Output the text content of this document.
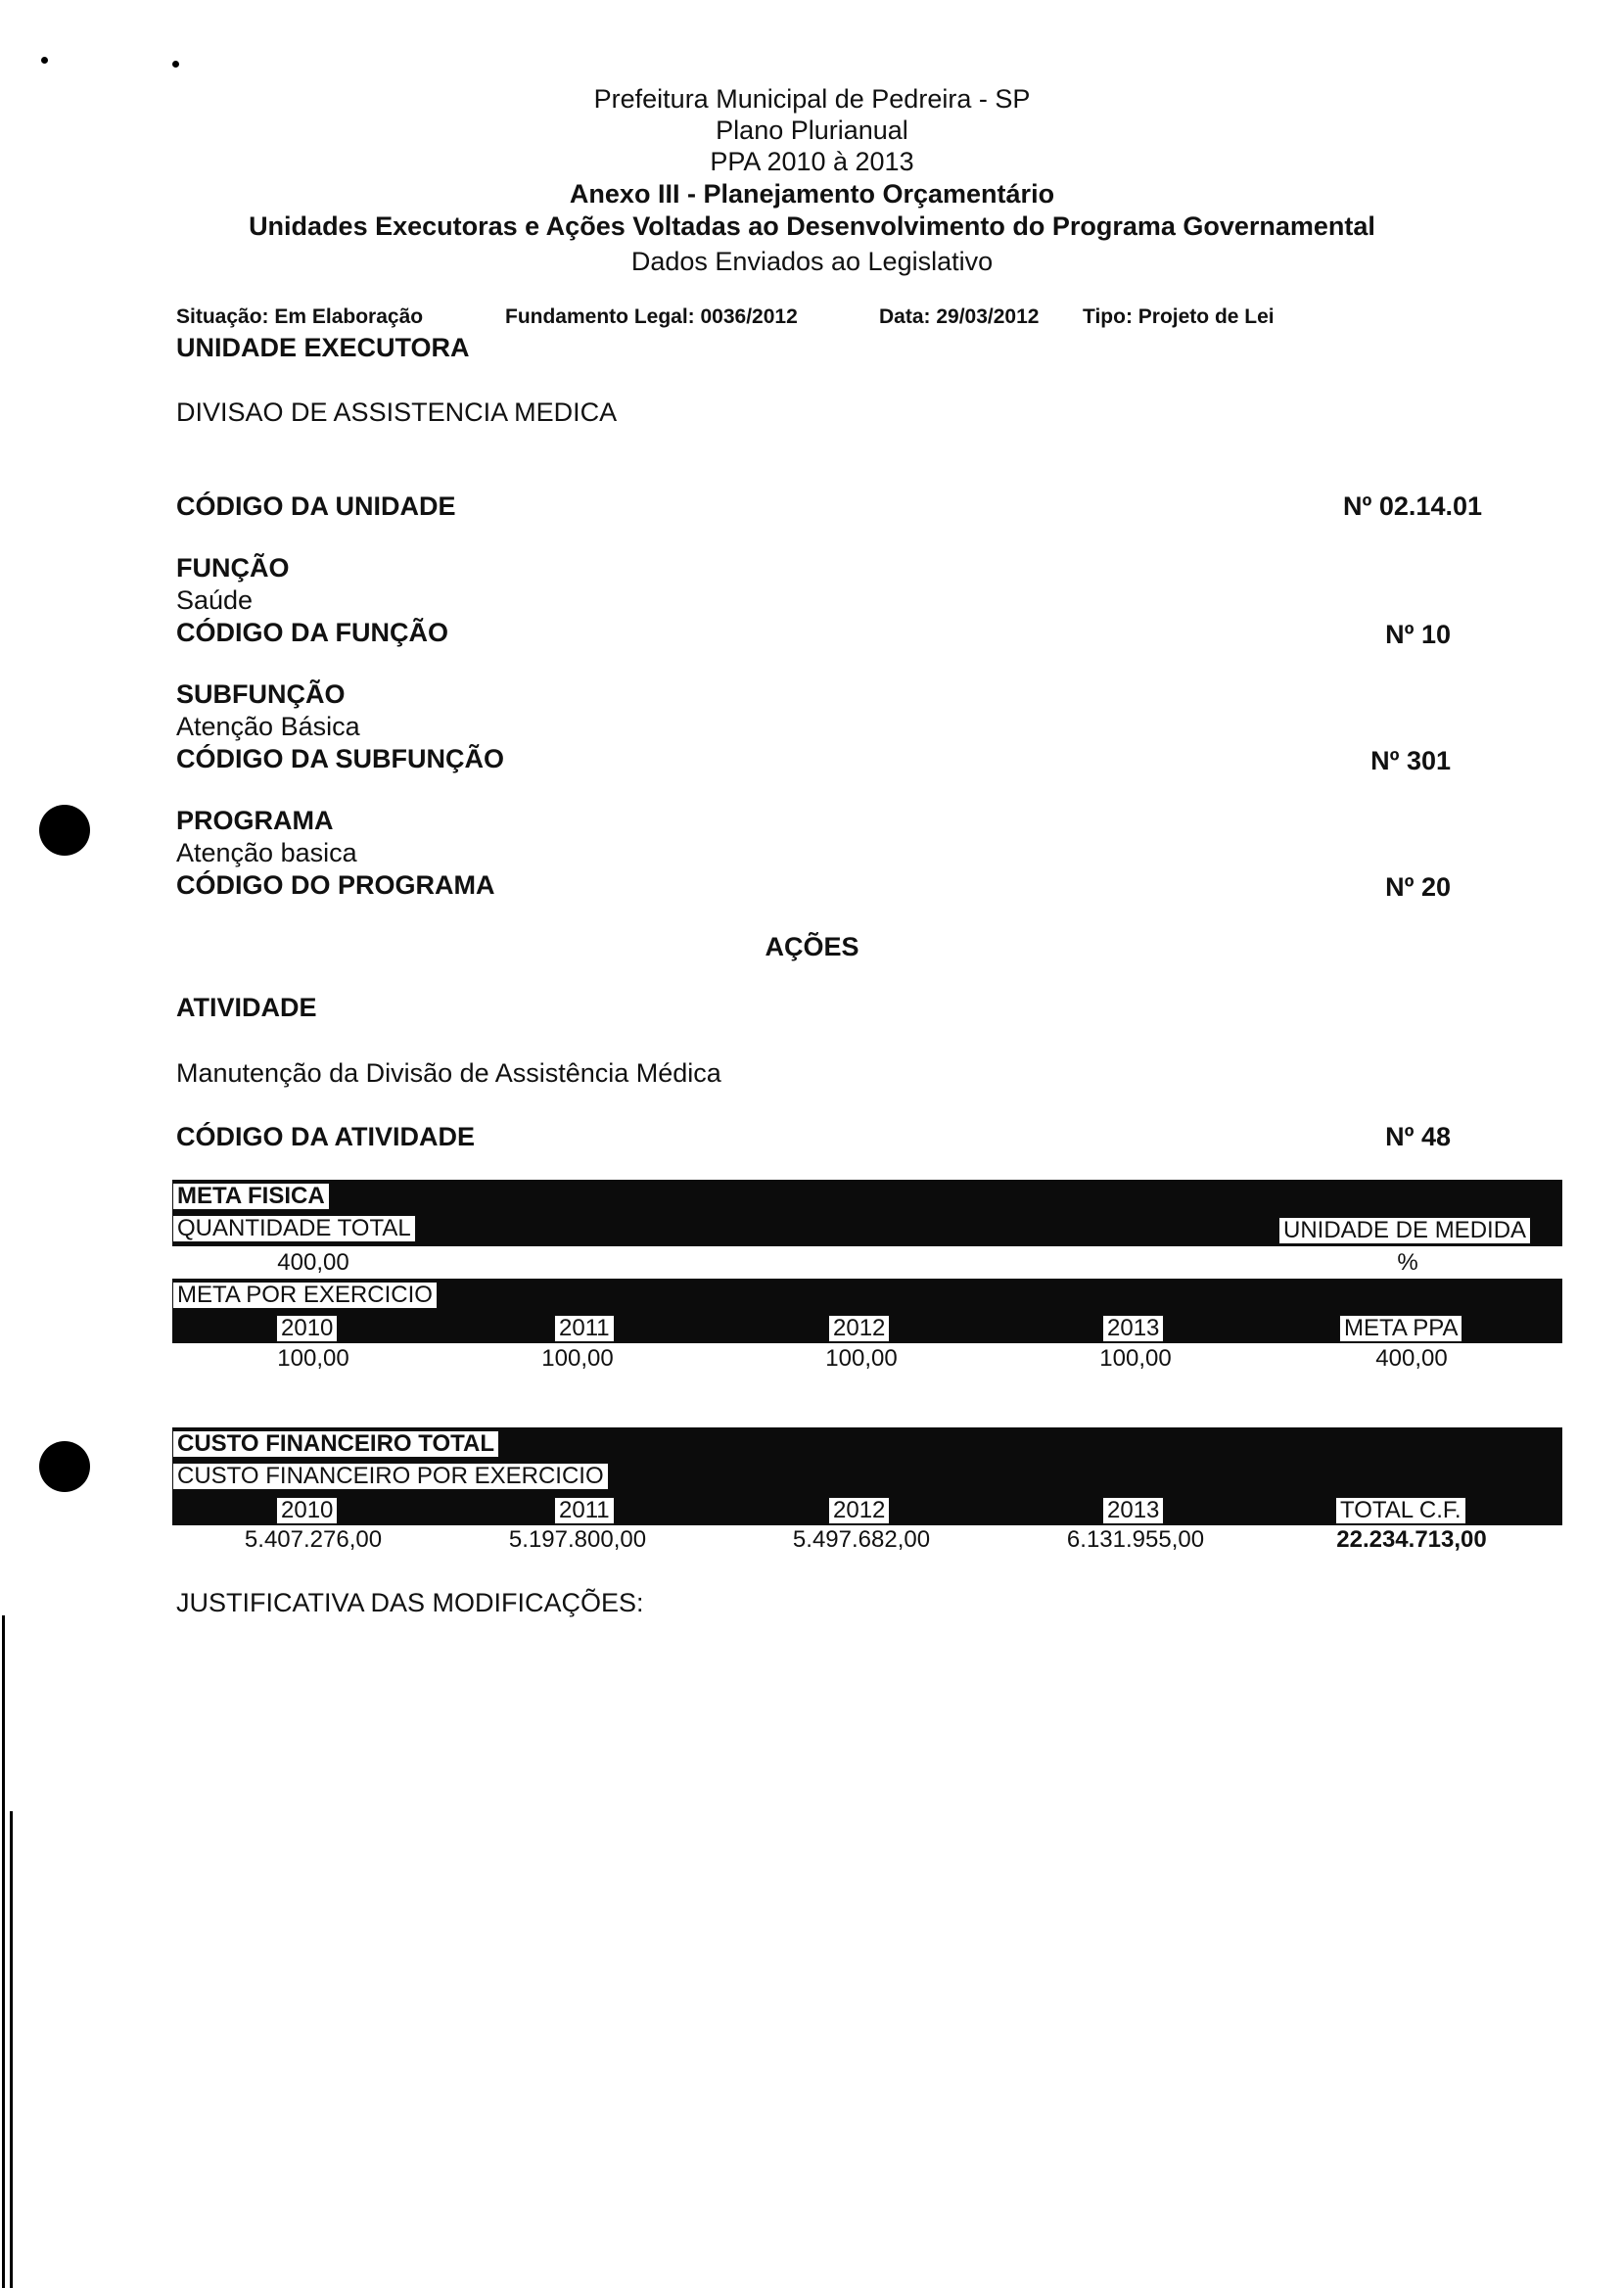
Prefeitura Municipal de Pedreira - SP
Plano Plurianual
PPA 2010 à 2013
Anexo III - Planejamento Orçamentário
Unidades Executoras e Ações Voltadas ao Desenvolvimento do Programa Governamental
Dados Enviados ao Legislativo
Situação: Em Elaboração	Fundamento Legal: 0036/2012	Data: 29/03/2012 Tipo: Projeto de Lei
UNIDADE EXECUTORA
DIVISAO DE ASSISTENCIA MEDICA
CÓDIGO DA UNIDADE	Nº 02.14.01
FUNÇÃO
Saúde
CÓDIGO DA FUNÇÃO	Nº 10
SUBFUNÇÃO
Atenção Básica
CÓDIGO DA SUBFUNÇÃO	Nº 301
PROGRAMA
Atenção basica
CÓDIGO DO PROGRAMA	Nº 20
AÇÕES
ATIVIDADE
Manutenção da Divisão de Assistência Médica
CÓDIGO DA ATIVIDADE	Nº 48
META FISICA
QUANTIDADE TOTAL	UNIDADE DE MEDIDA
400,00	%
META POR EXERCICIO
2010	2011	2012	2013	META PPA
100,00	100,00	100,00	100,00	400,00
CUSTO FINANCEIRO TOTAL
CUSTO FINANCEIRO POR EXERCICIO
2010	2011	2012	2013	TOTAL C.F.
5.407.276,00	5.197.800,00	5.497.682,00	6.131.955,00	22.234.713,00
JUSTIFICATIVA DAS MODIFICAÇÕES:
